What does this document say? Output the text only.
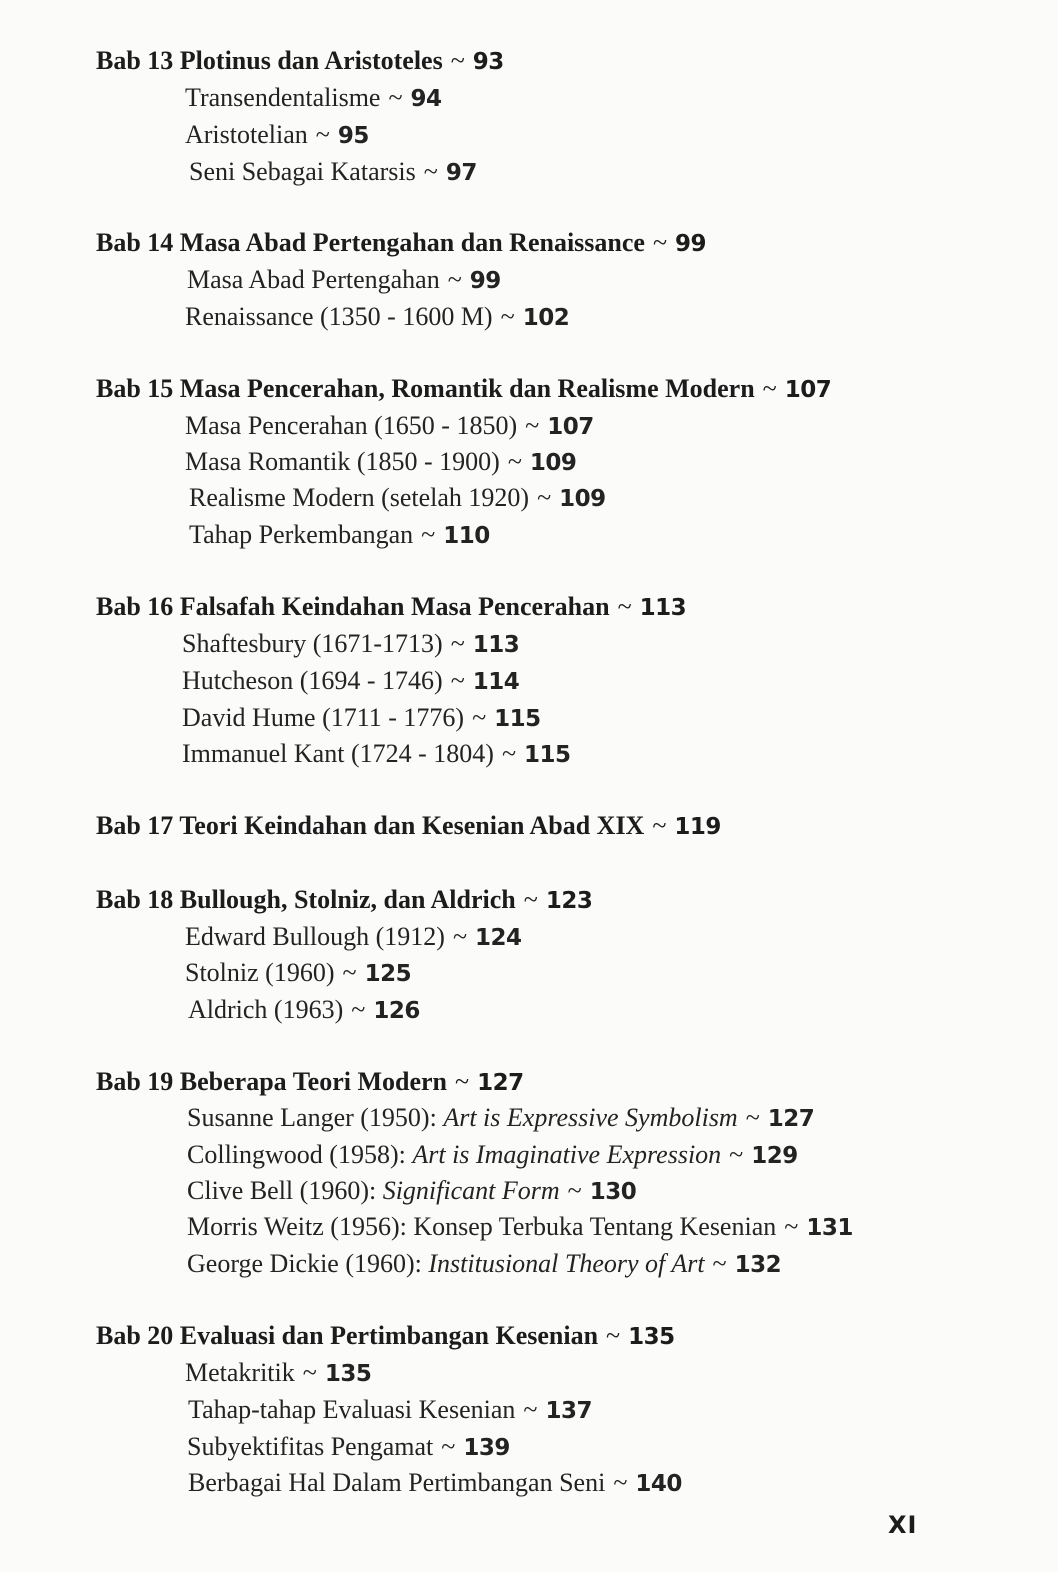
Bab 13 Plotinus dan Aristoteles ~ 93
Transendentalisme ~ 94
Aristotelian ~ 95
Seni Sebagai Katarsis ~ 97
Bab 14 Masa Abad Pertengahan dan Renaissance ~ 99
Masa Abad Pertengahan ~ 99
Renaissance (1350 - 1600 M) ~ 102
Bab 15 Masa Pencerahan, Romantik dan Realisme Modern ~ 107
Masa Pencerahan (1650 - 1850) ~ 107
Masa Romantik (1850 - 1900) ~ 109
Realisme Modern (setelah 1920) ~ 109
Tahap Perkembangan ~ 110
Bab 16 Falsafah Keindahan Masa Pencerahan ~ 113
Shaftesbury (1671-1713) ~ 113
Hutcheson (1694 - 1746) ~ 114
David Hume (1711 - 1776) ~ 115
Immanuel Kant (1724 - 1804) ~ 115
Bab 17 Teori Keindahan dan Kesenian Abad XIX ~ 119
Bab 18 Bullough, Stolniz, dan Aldrich ~ 123
Edward Bullough (1912) ~ 124
Stolniz (1960) ~ 125
Aldrich (1963) ~ 126
Bab 19 Beberapa Teori Modern ~ 127
Susanne Langer (1950): Art is Expressive Symbolism ~ 127
Collingwood (1958): Art is Imaginative Expression ~ 129
Clive Bell (1960): Significant Form ~ 130
Morris Weitz (1956): Konsep Terbuka Tentang Kesenian ~ 131
George Dickie (1960): Institusional Theory of Art ~ 132
Bab 20 Evaluasi dan Pertimbangan Kesenian ~ 135
Metakritik ~ 135
Tahap-tahap Evaluasi Kesenian ~ 137
Subyektifitas Pengamat ~ 139
Berbagai Hal Dalam Pertimbangan Seni ~ 140
XI
